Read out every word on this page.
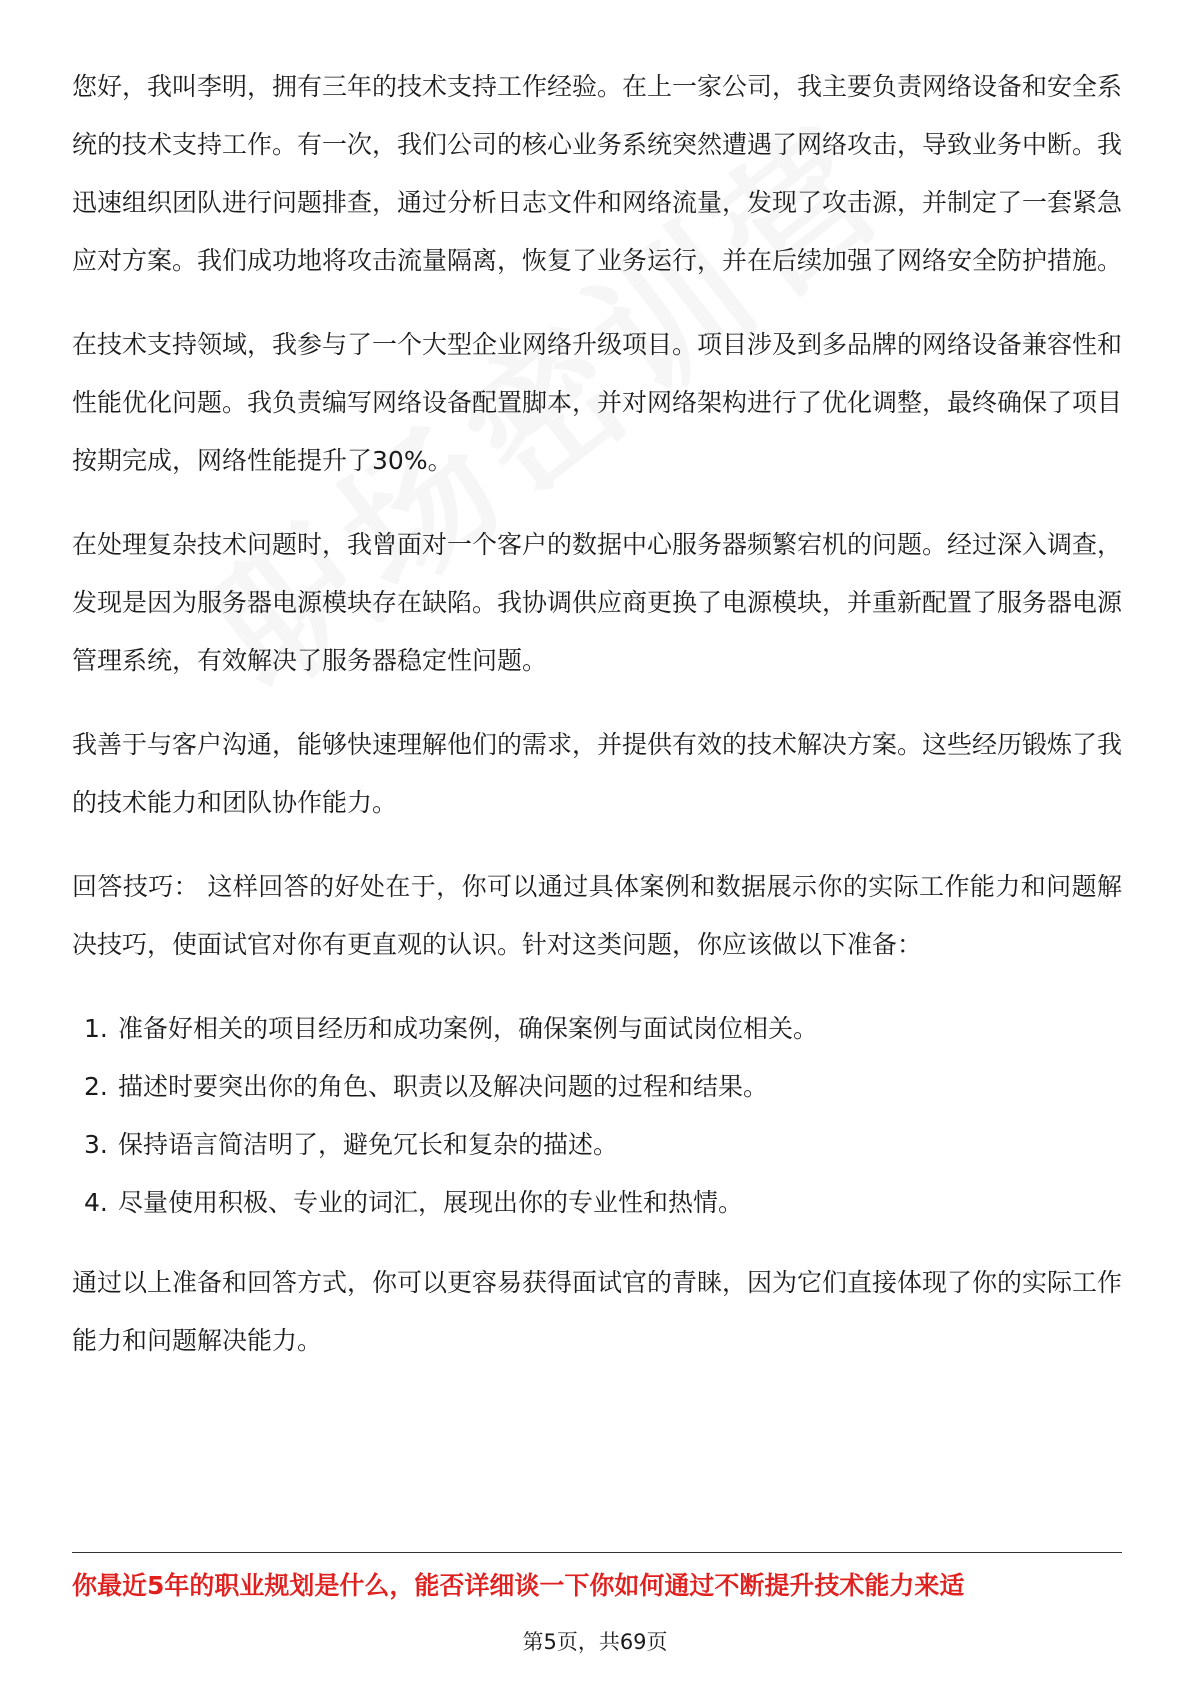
您好，我叫李明，拥有三年的技术支持工作经验。在上一家公司，我主要负责网络设备和安全系统的技术支持工作。有一次，我们公司的核心业务系统突然遭遇了网络攻击，导致业务中断。我迅速组织团队进行问题排查，通过分析日志文件和网络流量，发现了攻击源，并制定了一套紧急应对方案。我们成功地将攻击流量隔离，恢复了业务运行，并在后续加强了网络安全防护措施。

在技术支持领域，我参与了一个大型企业网络升级项目。项目涉及到多品牌的网络设备兼容性和性能优化问题。我负责编写网络设备配置脚本，并对网络架构进行了优化调整，最终确保了项目按期完成，网络性能提升了30%。

在处理复杂技术问题时，我曾面对一个客户的数据中心服务器频繁宕机的问题。经过深入调查，发现是因为服务器电源模块存在缺陷。我协调供应商更换了电源模块，并重新配置了服务器电源管理系统，有效解决了服务器稳定性问题。

我善于与客户沟通，能够快速理解他们的需求，并提供有效的技术解决方案。这些经历锻炼了我的技术能力和团队协作能力。

回答技巧： 这样回答的好处在于，你可以通过具体案例和数据展示你的实际工作能力和问题解决技巧，使面试官对你有更直观的认识。针对这类问题，你应该做以下准备：

1. 准备好相关的项目经历和成功案例，确保案例与面试岗位相关。
2. 描述时要突出你的角色、职责以及解决问题的过程和结果。
3. 保持语言简洁明了，避免冗长和复杂的描述。
4. 尽量使用积极、专业的词汇，展现出你的专业性和热情。

通过以上准备和回答方式，你可以更容易获得面试官的青睐，因为它们直接体现了你的实际工作能力和问题解决能力。

你最近5年的职业规划是什么，能否详细谈一下你如何通过不断提升技术能力来适
第5页，共69页
